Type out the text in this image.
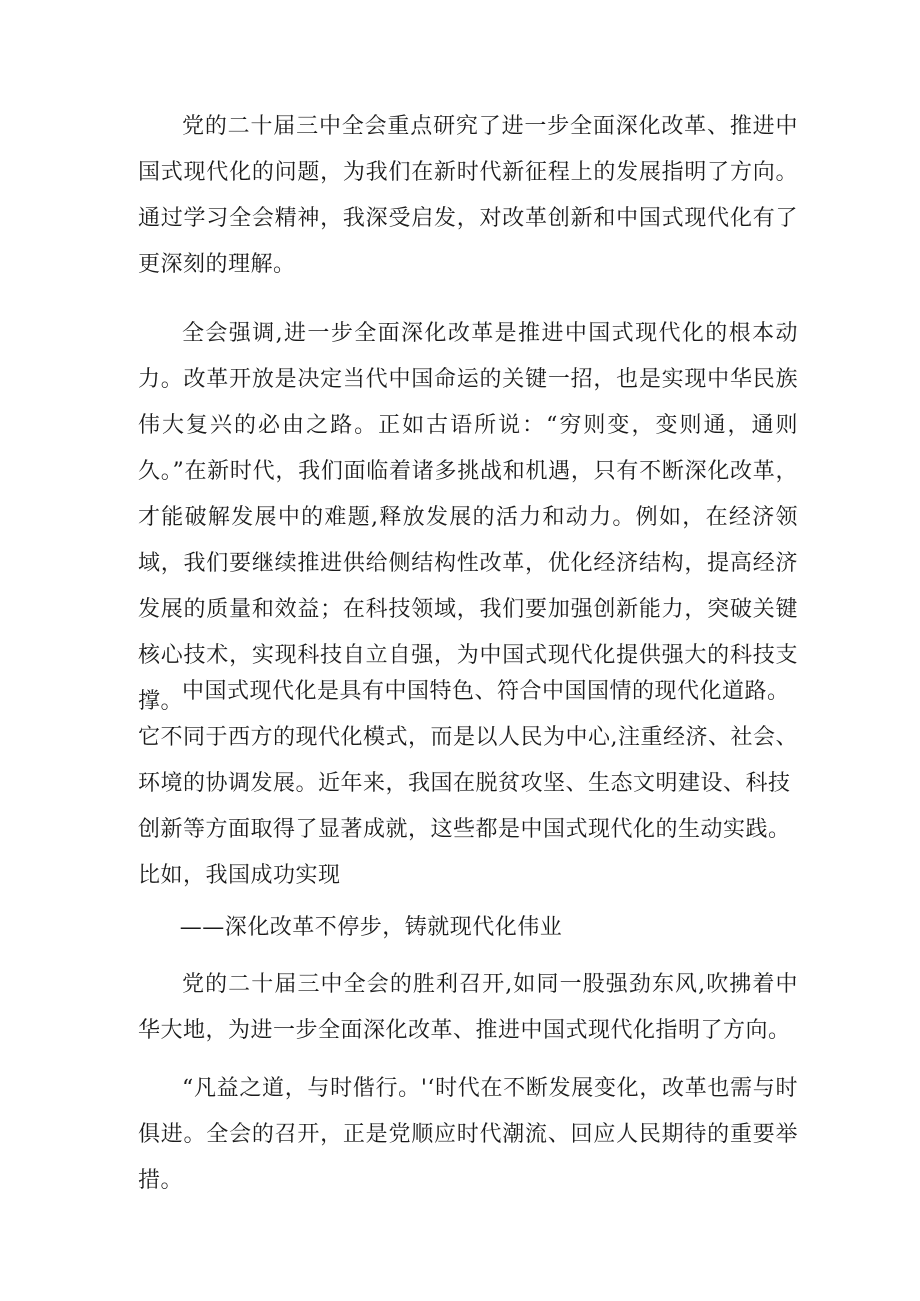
党的二十届三中全会重点研究了进一步全面深化改革、推进中国式现代化的问题，为我们在新时代新征程上的发展指明了方向。通过学习全会精神，我深受启发，对改革创新和中国式现代化有了更深刻的理解。

全会强调,进一步全面深化改革是推进中国式现代化的根本动力。改革开放是决定当代中国命运的关键一招，也是实现中华民族伟大复兴的必由之路。正如古语所说：“穷则变，变则通，通则久。”在新时代，我们面临着诸多挑战和机遇，只有不断深化改革，才能破解发展中的难题,释放发展的活力和动力。例如，在经济领域，我们要继续推进供给侧结构性改革，优化经济结构，提高经济发展的质量和效益；在科技领域，我们要加强创新能力，突破关键核心技术，实现科技自立自强，为中国式现代化提供强大的科技支撑。

中国式现代化是具有中国特色、符合中国国情的现代化道路。它不同于西方的现代化模式，而是以人民为中心,注重经济、社会、环境的协调发展。近年来，我国在脱贫攻坚、生态文明建设、科技创新等方面取得了显著成就，这些都是中国式现代化的生动实践。比如，我国成功实现

——深化改革不停步，铸就现代化伟业

党的二十届三中全会的胜利召开,如同一股强劲东风,吹拂着中华大地，为进一步全面深化改革、推进中国式现代化指明了方向。

“凡益之道，与时偕行。'‘时代在不断发展变化，改革也需与时俱进。全会的召开，正是党顺应时代潮流、回应人民期待的重要举措。
